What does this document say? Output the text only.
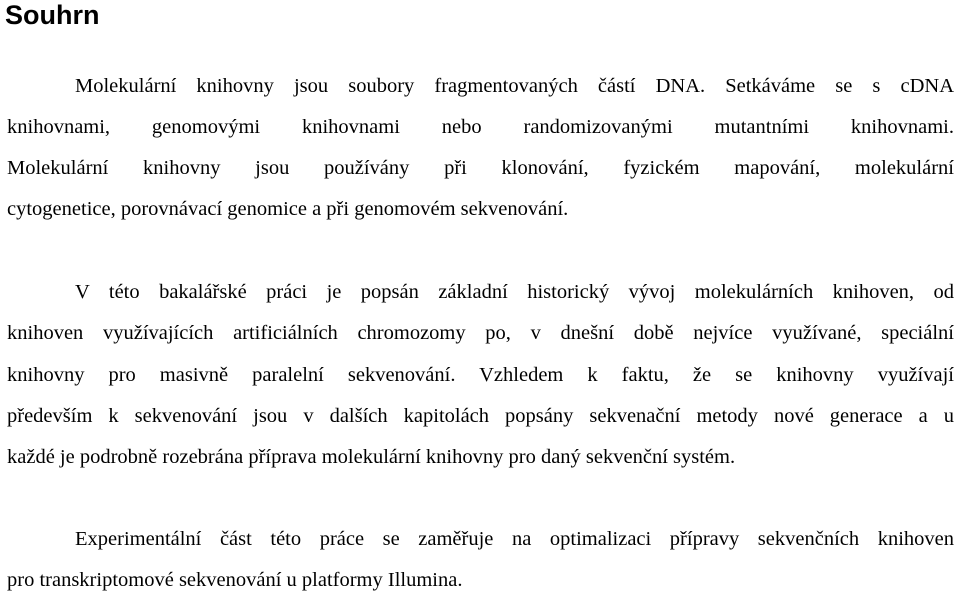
Souhrn
Molekulární knihovny jsou soubory fragmentovaných částí DNA. Setkáváme se s cDNA
knihovnami, genomovými knihovnami nebo randomizovanými mutantními knihovnami.
Molekulární knihovny jsou používány při klonování, fyzickém mapování, molekulární
cytogenetice, porovnávací genomice a při genomovém sekvenování.
V této bakalářské práci je popsán základní historický vývoj molekulárních knihoven, od
knihoven využívajících artificiálních chromozomy po, v dnešní době nejvíce využívané, speciální
knihovny pro masivně paralelní sekvenování. Vzhledem k faktu, že se knihovny využívají
především k sekvenování jsou v dalších kapitolách popsány sekvenační metody nové generace a u
každé je podrobně rozebrána příprava molekulární knihovny pro daný sekvenční systém.
Experimentální část této práce se zaměřuje na optimalizaci přípravy sekvenčních knihoven
pro transkriptomové sekvenování u platformy Illumina.
